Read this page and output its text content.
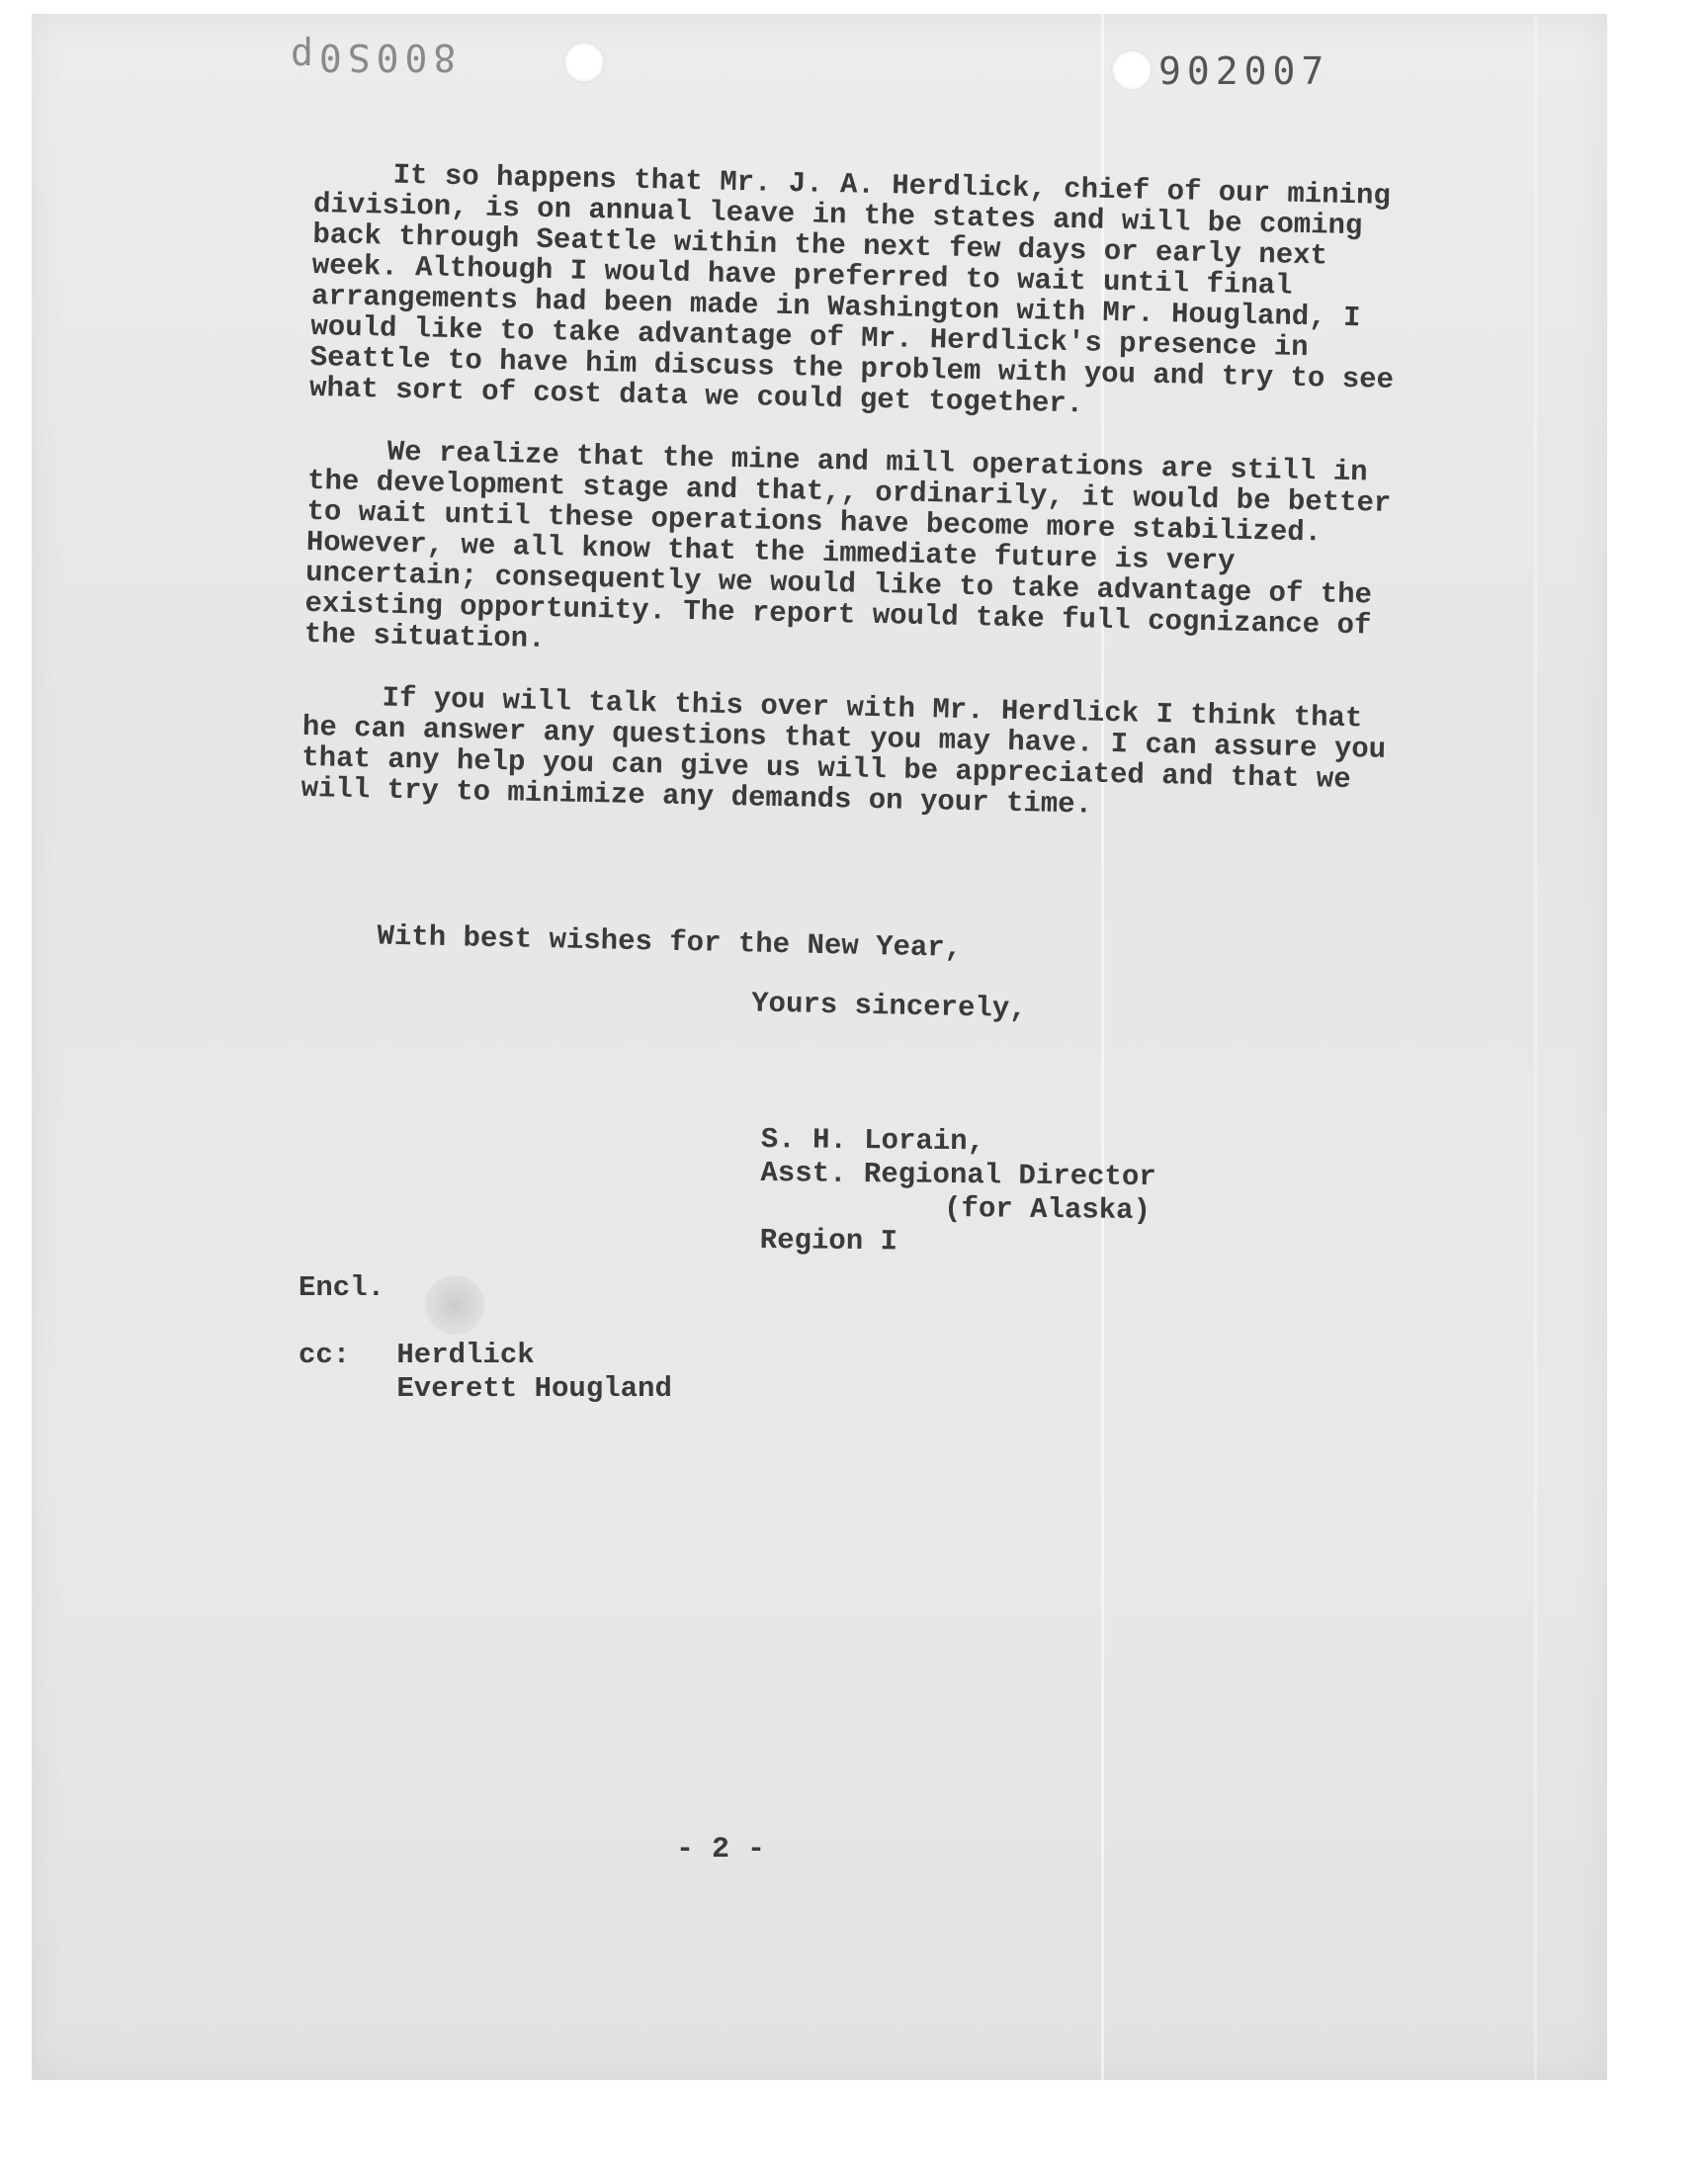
800S0p	902007

It so happens that Mr. J. A. Herdlick, chief of our mining division, is on annual leave in the states and will be coming back through Seattle within the next few days or early next week. Although I would have preferred to wait until final arrangements had been made in Washington with Mr. Hougland, I would like to take advantage of Mr. Herdlick's presence in Seattle to have him discuss the problem with you and try to see what sort of cost data we could get together.

We realize that the mine and mill operations are still in the development stage and that,, ordinarily, it would be better to wait until these operations have become more stabilized. However, we all know that the immediate future is very uncertain; consequently we would like to take advantage of the existing opportunity. The report would take full cognizance of the situation.

If you will talk this over with Mr. Herdlick I think that he can answer any questions that you may have. I can assure you that any help you can give us will be appreciated and that we will try to minimize any demands on your time.

With best wishes for the New Year,

Yours sincerely,

S. H. Lorain,
Asst. Regional Director
(for Alaska)
Region I
Encl.
cc: Herdlick
Everett Hougland
- 2 -
